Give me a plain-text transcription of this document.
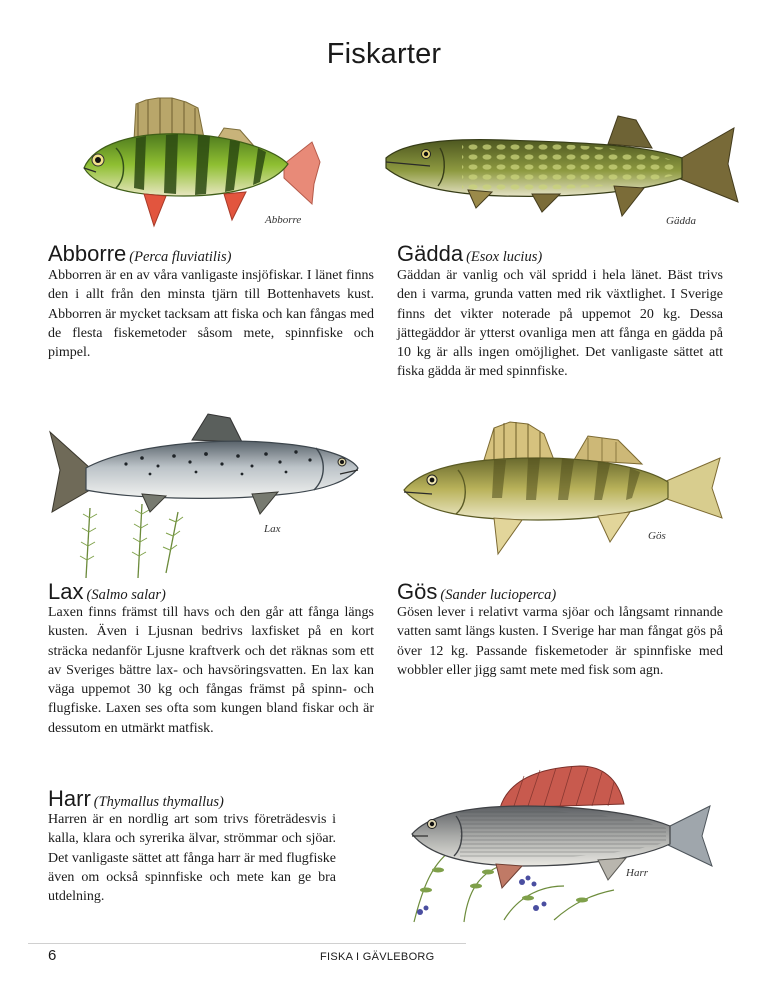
Fiskarter
Abborre	Gädda
Abborre (Perca fluviatilis)

Abborren är en av våra vanligaste insjöfiskar. I länet finns den i allt från den minsta tjärn till Bottenhavets kust. Abborren är mycket tacksam att fiska och kan fångas med de flesta fiskemetoder såsom mete, spinnfiske och pimpel.

Gädda (Esox lucius)

Gäddan är vanlig och väl spridd i hela länet. Bäst trivs den i varma, grunda vatten med rik växtlighet. I Sverige finns det vikter noterade på uppemot 20 kg. Dessa jättegäddor är ytterst ovanliga men att fånga en gädda på 10 kg är alls ingen omöjlighet. Det vanligaste sättet att fiska gädda är med spinnfiske.

Lax
Gös
Lax (Salmo salar)

Laxen finns främst till havs och den går att fånga längs kusten. Även i Ljusnan bedrivs laxfisket på en kort sträcka nedanför Ljusne kraftverk och det räknas som ett av Sveriges bättre lax- och havsöringsvatten. En lax kan väga uppemot 30 kg och fångas främst på spinn- och flugfiske. Laxen ses ofta som kungen bland fiskar och är dessutom en utmärkt matfisk.

Gös (Sander lucioperca)

Gösen lever i relativt varma sjöar och långsamt rinnande vatten samt längs kusten. I Sverige har man fångat gös på över 12 kg. Passande fiskemetoder är spinnfiske med wobbler eller jigg samt mete med fisk som agn.

Harr (Thymallus thymallus)

Harren är en nordlig art som trivs företrädesvis i kalla, klara och syrerika älvar, strömmar och sjöar. Det vanligaste sättet att fånga harr är med flugfiske även om också spinnfiske och mete kan ge bra utdelning.

Harr
6	FISKA I GÄVLEBORG
